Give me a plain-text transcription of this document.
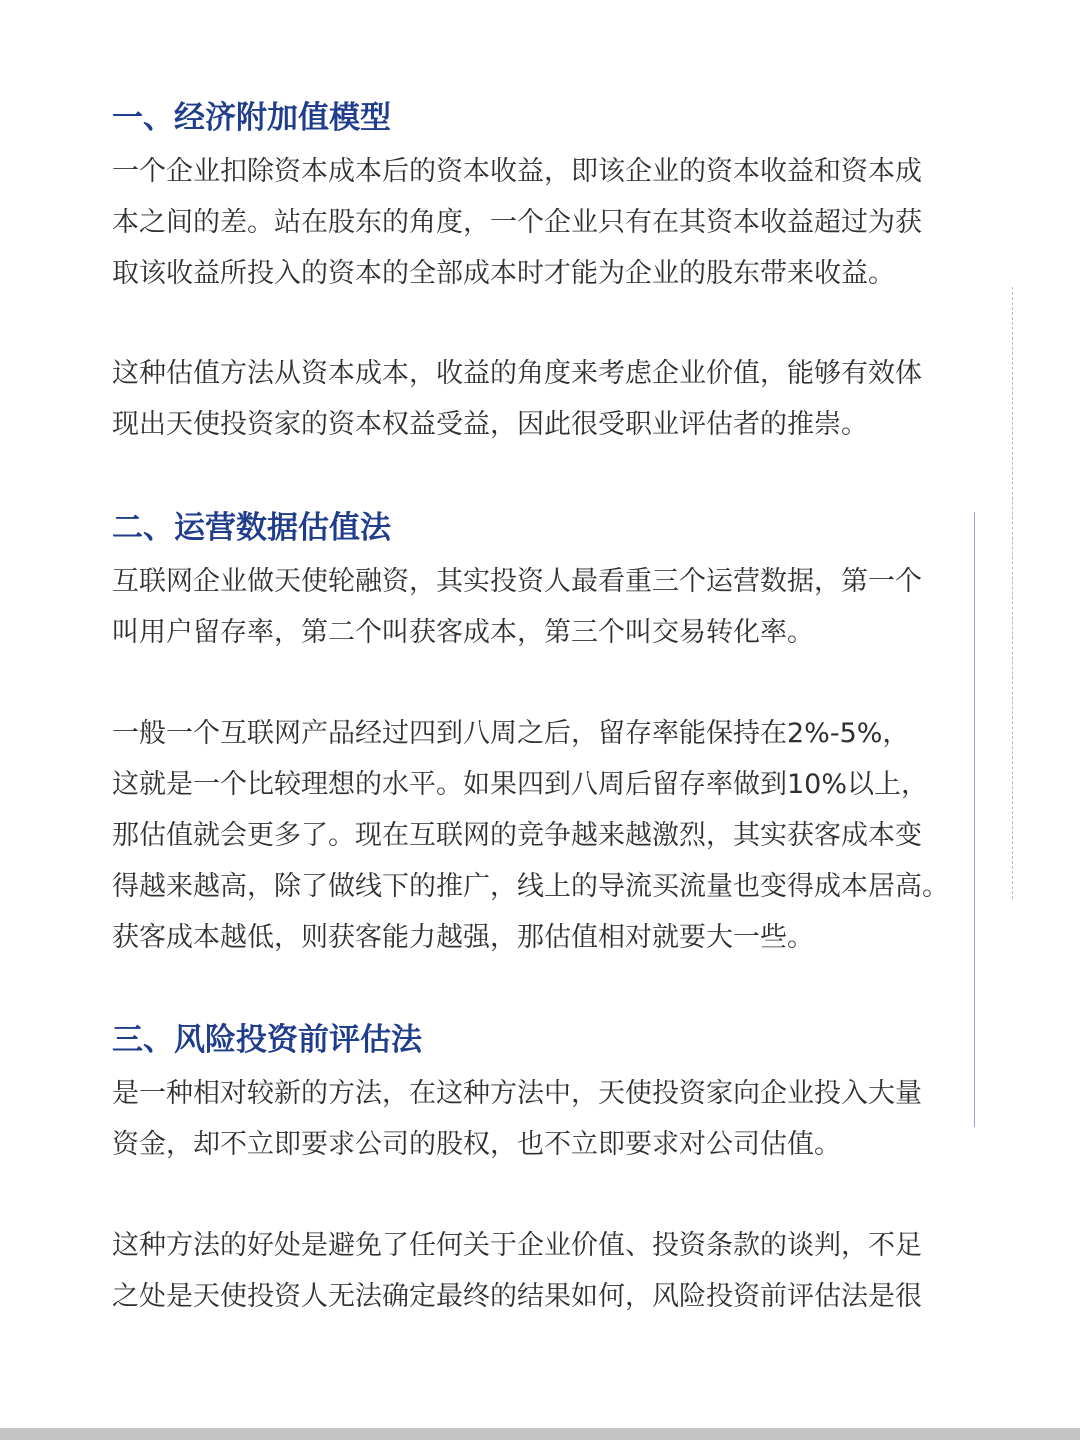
一、经济附加值模型

一个企业扣除资本成本后的资本收益，即该企业的资本收益和资本成
本之间的差。站在股东的角度，一个企业只有在其资本收益超过为获
取该收益所投入的资本的全部成本时才能为企业的股东带来收益。

这种估值方法从资本成本，收益的角度来考虑企业价值，能够有效体
现出天使投资家的资本权益受益，因此很受职业评估者的推崇。

二、运营数据估值法

互联网企业做天使轮融资，其实投资人最看重三个运营数据，第一个
叫用户留存率，第二个叫获客成本，第三个叫交易转化率。

一般一个互联网产品经过四到八周之后，留存率能保持在2%-5%，
这就是一个比较理想的水平。如果四到八周后留存率做到10%以上，
那估值就会更多了。现在互联网的竞争越来越激烈，其实获客成本变
得越来越高，除了做线下的推广，线上的导流买流量也变得成本居高。
获客成本越低，则获客能力越强，那估值相对就要大一些。

三、风险投资前评估法

是一种相对较新的方法，在这种方法中，天使投资家向企业投入大量
资金，却不立即要求公司的股权，也不立即要求对公司估值。

这种方法的好处是避免了任何关于企业价值、投资条款的谈判，不足
之处是天使投资人无法确定最终的结果如何，风险投资前评估法是很
